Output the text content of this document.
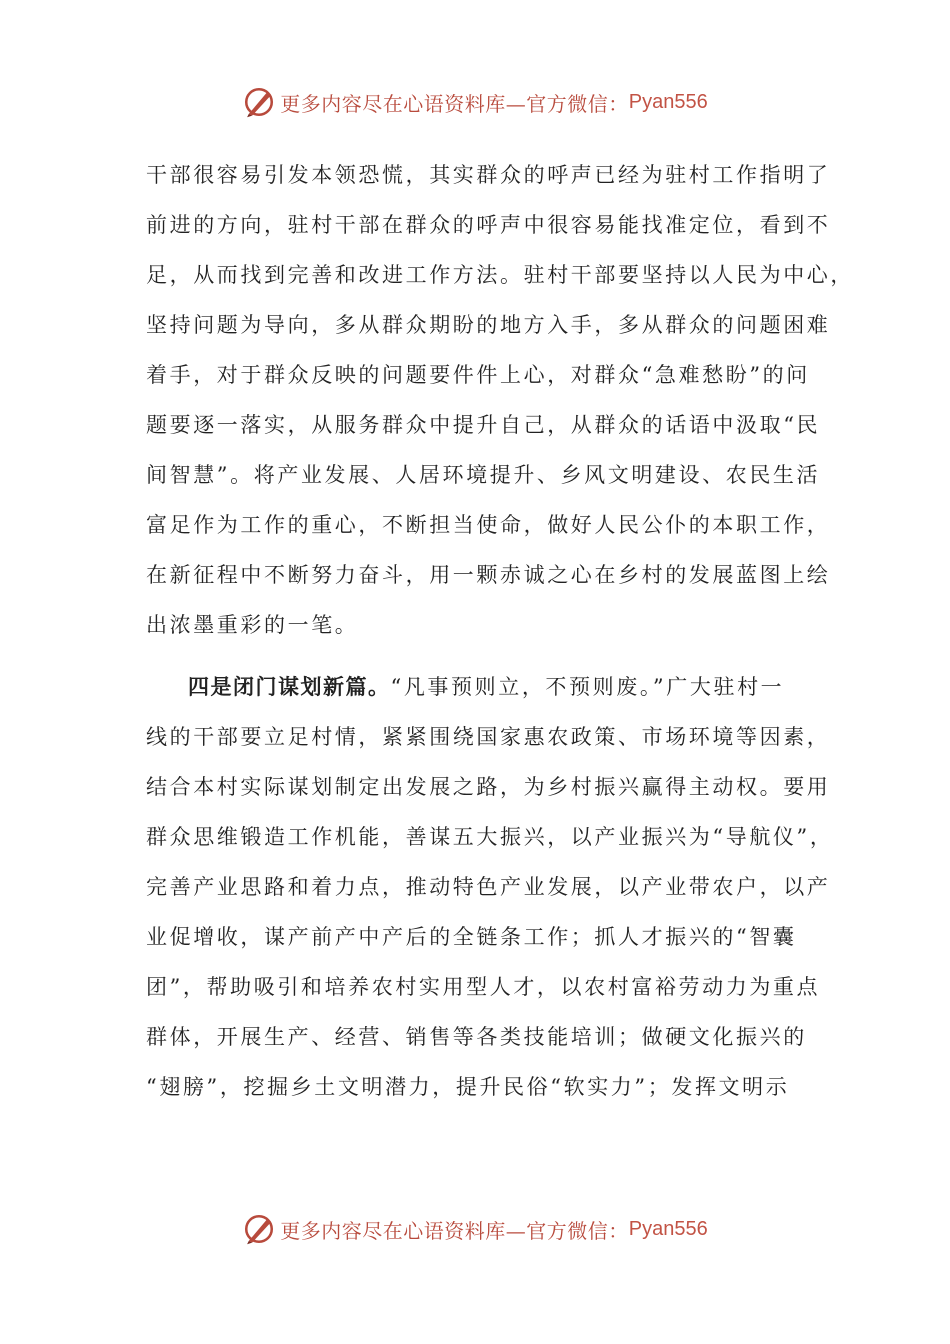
更多内容尽在心语资料库—官方微信： Pyan556
干部很容易引发本领恐慌，其实群众的呼声已经为驻村工作指明了
前进的方向，驻村干部在群众的呼声中很容易能找准定位，看到不
足，从而找到完善和改进工作方法。驻村干部要坚持以人民为中心，
坚持问题为导向，多从群众期盼的地方入手，多从群众的问题困难
着手，对于群众反映的问题要件件上心，对群众“急难愁盼”的问
题要逐一落实，从服务群众中提升自己，从群众的话语中汲取“民
间智慧”。将产业发展、人居环境提升、乡风文明建设、农民生活
富足作为工作的重心，不断担当使命，做好人民公仆的本职工作，
在新征程中不断努力奋斗，用一颗赤诚之心在乡村的发展蓝图上绘
出浓墨重彩的一笔。
四是闭门谋划新篇。“凡事预则立，不预则废。”广大驻村一
线的干部要立足村情，紧紧围绕国家惠农政策、市场环境等因素，
结合本村实际谋划制定出发展之路，为乡村振兴赢得主动权。要用
群众思维锻造工作机能，善谋五大振兴，以产业振兴为“导航仪”，
完善产业思路和着力点，推动特色产业发展，以产业带农户，以产
业促增收，谋产前产中产后的全链条工作；抓人才振兴的“智囊
团”，帮助吸引和培养农村实用型人才，以农村富裕劳动力为重点
群体，开展生产、经营、销售等各类技能培训；做硬文化振兴的
“翅膀”，挖掘乡土文明潜力，提升民俗“软实力”；发挥文明示
更多内容尽在心语资料库—官方微信： Pyan556
